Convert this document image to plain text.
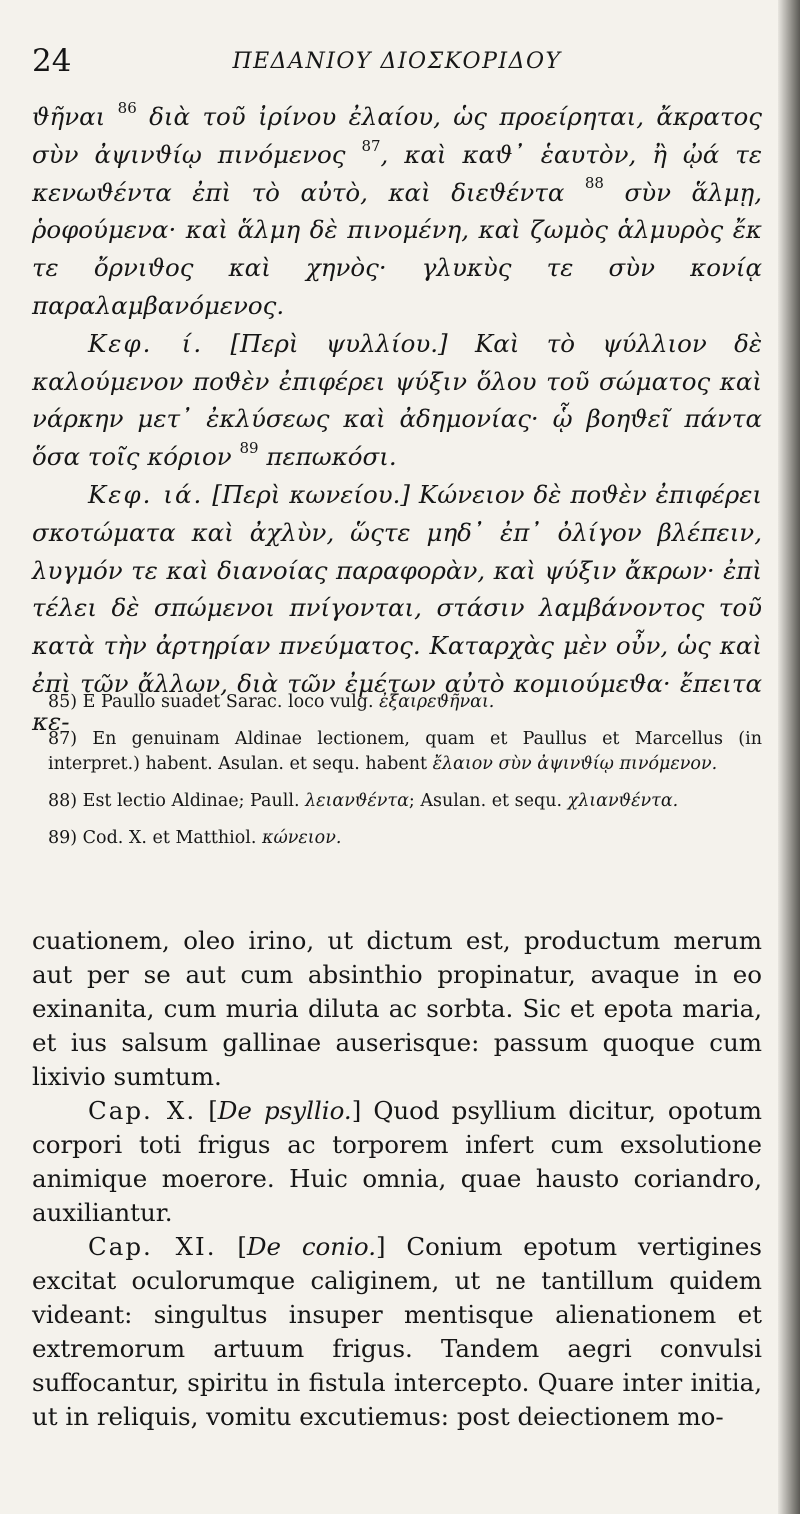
24	ΠΕΔΑΝΙΟΥ ΔΙΟΣΚΟΡΙΔΟΥ

ϑῆναι $^{86}$ διὰ τοῦ ἰρίνου ἐλαίου, ὡς προείρηται, ἄκρατος σὺν ἀψινϑίῳ πινόμενος $^{87}$, καὶ καϑ᾿ ἑαυτὸν, ἢ ᾠά τε κενωϑέντα ἐπὶ τὸ αὐτὸ, καὶ διεϑέντα $^{88}$ σὺν ἅλμῃ, ῥοφούμενα· καὶ ἅλμη δὲ πινομένη, καὶ ζωμὸς ἁλμυρὸς ἔκ τε ὄρνιϑος καὶ χηνὸς· γλυκὺς τε σὺν κονίᾳ παραλαμβανόμενος.

Κεφ. ί. [Περὶ ψυλλίου.] Καὶ τὸ ψύλλιον δὲ καλούμενον ποϑὲν ἐπιφέρει ψύξιν ὅλου τοῦ σώματος καὶ νάρκην μετ᾿ ἐκλύσεως καὶ ἀδημονίας· ᾧ βοηϑεῖ πάντα ὅσα τοῖς κόριον $^{89}$ πεπωκόσι.

Κεφ. ιά. [Περὶ κωνείου.] Κώνειον δὲ ποϑὲν ἐπιφέρει σκοτώματα καὶ ἀχλὺν, ὥςτε μηδ᾿ ἐπ᾿ ὀλίγον βλέπειν, λυγμόν τε καὶ διανοίας παραφορὰν, καὶ ψύξιν ἄκρων· ἐπὶ τέλει δὲ σπώμενοι πνίγονται, στάσιν λαμβάνοντος τοῦ κατὰ τὴν ἀρτηρίαν πνεύματος. Καταρχὰς μὲν οὖν, ὡς καὶ ἐπὶ τῶν ἄλλων, διὰ τῶν ἐμέτων αὐτὸ κομιούμεϑα· ἔπειτα κε-

85) E Paullo suadet Sarac. loco vulg. ἐξαιρεϑῆναι.

87) En genuinam Aldinae lectionem, quam et Paullus et Marcellus (in interpret.) habent. Asulan. et sequ. habent ἔλαιον σὺν ἀψινϑίῳ πινόμενον.

88) Est lectio Aldinae; Paull. λειανϑέντα; Asulan. et sequ. χλιανϑέντα.

89) Cod. X. et Matthiol. κώνειον.

cuationem, oleo irino, ut dictum est, productum merum aut per se aut cum absinthio propinatur, avaque in eo exinanita, cum muria diluta ac sorbta. Sic et epota maria, et ius salsum gallinae auserisque: passum quoque cum lixivio sumtum.

Cap. X. [De psyllio.] Quod psyllium dicitur, opotum corpori toti frigus ac torporem infert cum exsolutione animique moerore. Huic omnia, quae hausto coriandro, auxiliantur.

Cap. XI. [De conio.] Conium epotum vertigines excitat oculorumque caliginem, ut ne tantillum quidem videant: singultus insuper mentisque alienationem et extremorum artuum frigus. Tandem aegri convulsi suffocantur, spiritu in fistula intercepto. Quare inter initia, ut in reliquis, vomitu excutiemus: post deiectionem mo-
